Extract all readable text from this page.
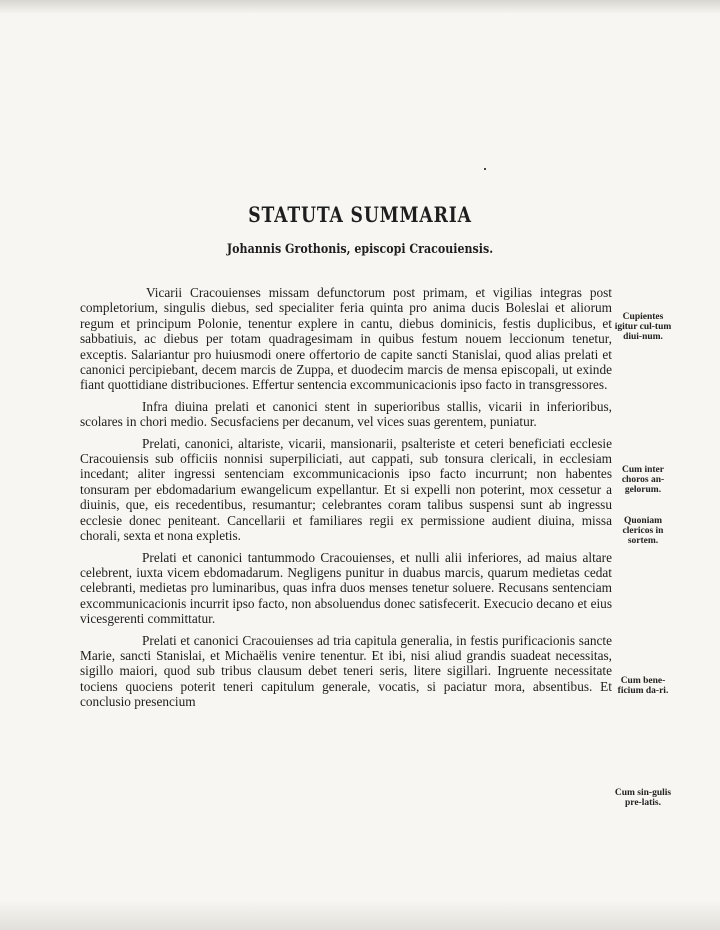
STATUTA SUMMARIA
Johannis Grothonis, episcopi Cracouiensis.

Vicarii Cracouienses missam defunctorum post primam, et vigilias integras post completorium, singulis diebus, sed specialiter feria quinta pro anima ducis Boleslai et aliorum regum et principum Polonie, tenentur explere in cantu, diebus dominicis, festis duplicibus, et sabbatiuis, ac diebus per totam quadragesimam in quibus festum nouem leccionum tenetur, exceptis. Salariantur pro huiusmodi onere offertorio de capite sancti Stanislai, quod alias prelati et canonici percipiebant, decem marcis de Zuppa, et duodecim marcis de mensa episcopali, ut exinde fiant quottidiane distribuciones. Effertur sentencia excommunicacionis ipso facto in transgressores.

Infra diuina prelati et canonici stent in superioribus stallis, vicarii in inferioribus, scolares in chori medio. Secusfaciens per decanum, vel vices suas gerentem, puniatur.

Prelati, canonici, altariste, vicarii, mansionarii, psalteriste et ceteri beneficiati ecclesie Cracouiensis sub officiis nonnisi superpiliciati, aut cappati, sub tonsura clericali, in ecclesiam incedant; aliter ingressi sentenciam excommunicacionis ipso facto incurrunt; non habentes tonsuram per ebdomadarium ewangelicum expellantur. Et si expelli non poterint, mox cessetur a diuinis, que, eis recedentibus, resumantur; celebrantes coram talibus suspensi sunt ab ingressu ecclesie donec peniteant. Cancellarii et familiares regii ex permissione audient diuina, missa chorali, sexta et nona expletis.

Prelati et canonici tantummodo Cracouienses, et nulli alii inferiores, ad maius altare celebrent, iuxta vicem ebdomadarum. Negligens punitur in duabus marcis, quarum medietas cedat celebranti, medietas pro luminaribus, quas infra duos menses tenetur soluere. Recusans sentenciam excommunicacionis incurrit ipso facto, non absoluendus donec satisfecerit. Execucio decano et eius vicesgerenti committatur.

Prelati et canonici Cracouienses ad tria capitula generalia, in festis purificacionis sancte Marie, sancti Stanislai, et Michaëlis venire tenentur. Et ibi, nisi aliud grandis suadeat necessitas, sigillo maiori, quod sub tribus clausum debet teneri seris, litere sigillari. Ingruente necessitate tociens quociens poterit teneri capitulum generale, vocatis, si paciatur mora, absentibus. Et conclusio presencium

Cupientes igitur cul-tum diui-num.
Cum inter choros an-gelorum.
Quoniam clericos in sortem.
Cum bene-ficium da-ri.
Cum sin-gulis pre-latis.
